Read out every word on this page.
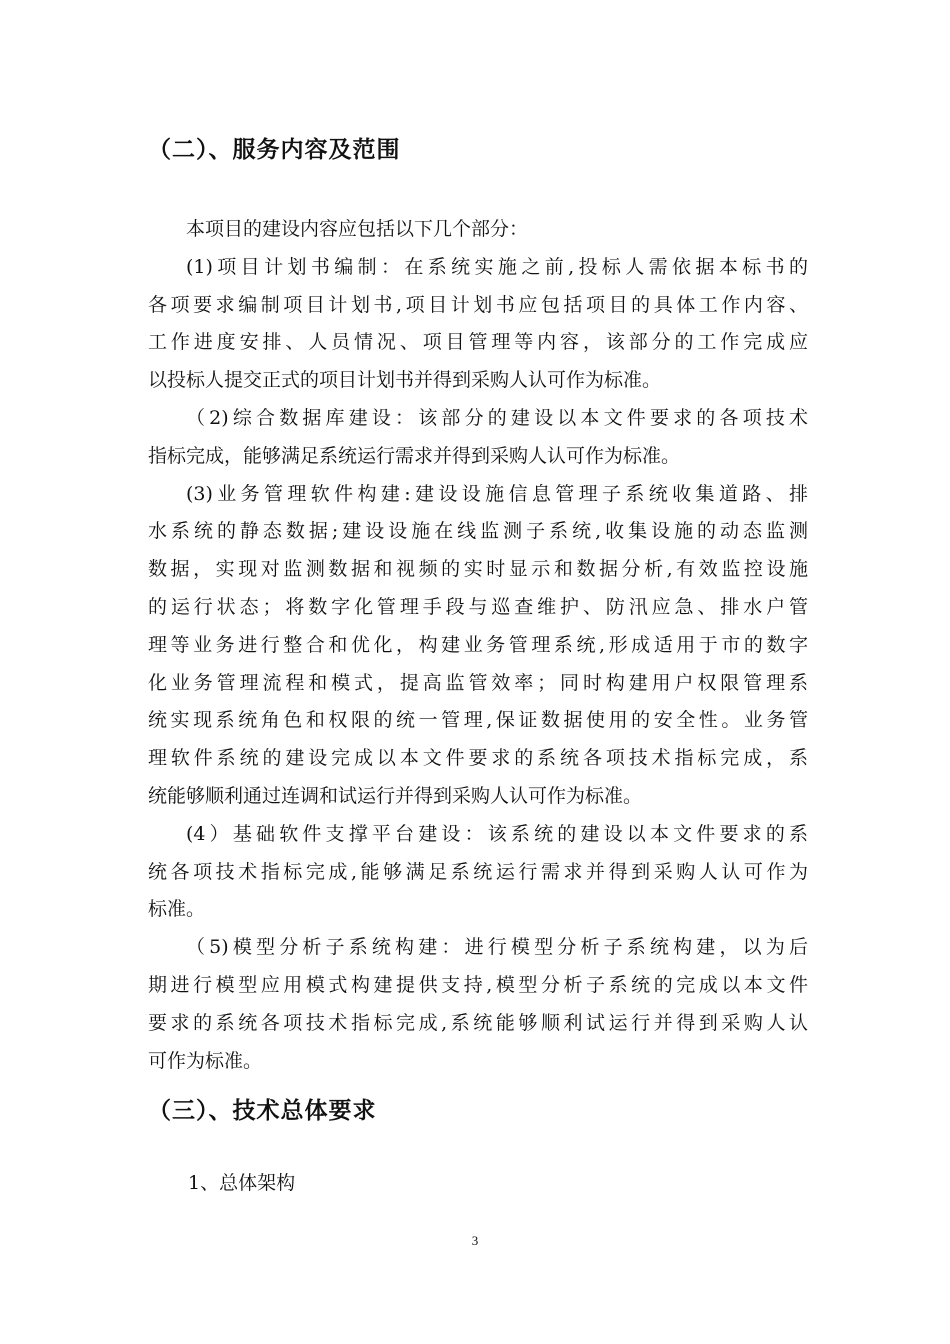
（二）、服务内容及范围
本项目的建设内容应包括以下几个部分：
(1)项目计划书编制：在系统实施之前,投标人需依据本标书的
各项要求编制项目计划书,项目计划书应包括项目的具体工作内容、
工作进度安排、人员情况、项目管理等内容，该部分的工作完成应
以投标人提交正式的项目计划书并得到采购人认可作为标准。
（2)综合数据库建设：该部分的建设以本文件要求的各项技术
指标完成，能够满足系统运行需求并得到采购人认可作为标准。
(3)业务管理软件构建:建设设施信息管理子系统收集道路、排
水系统的静态数据;建设设施在线监测子系统,收集设施的动态监测
数据，实现对监测数据和视频的实时显示和数据分析,有效监控设施
的运行状态；将数字化管理手段与巡查维护、防汛应急、排水户管
理等业务进行整合和优化，构建业务管理系统,形成适用于市的数字
化业务管理流程和模式，提高监管效率；同时构建用户权限管理系
统实现系统角色和权限的统一管理,保证数据使用的安全性。业务管
理软件系统的建设完成以本文件要求的系统各项技术指标完成，系
统能够顺利通过连调和试运行并得到采购人认可作为标准。
(4）基础软件支撑平台建设：该系统的建设以本文件要求的系
统各项技术指标完成,能够满足系统运行需求并得到采购人认可作为
标准。
（5)模型分析子系统构建：进行模型分析子系统构建，以为后
期进行模型应用模式构建提供支持,模型分析子系统的完成以本文件
要求的系统各项技术指标完成,系统能够顺利试运行并得到采购人认
可作为标准。
（三）、技术总体要求
1、总体架构
3
